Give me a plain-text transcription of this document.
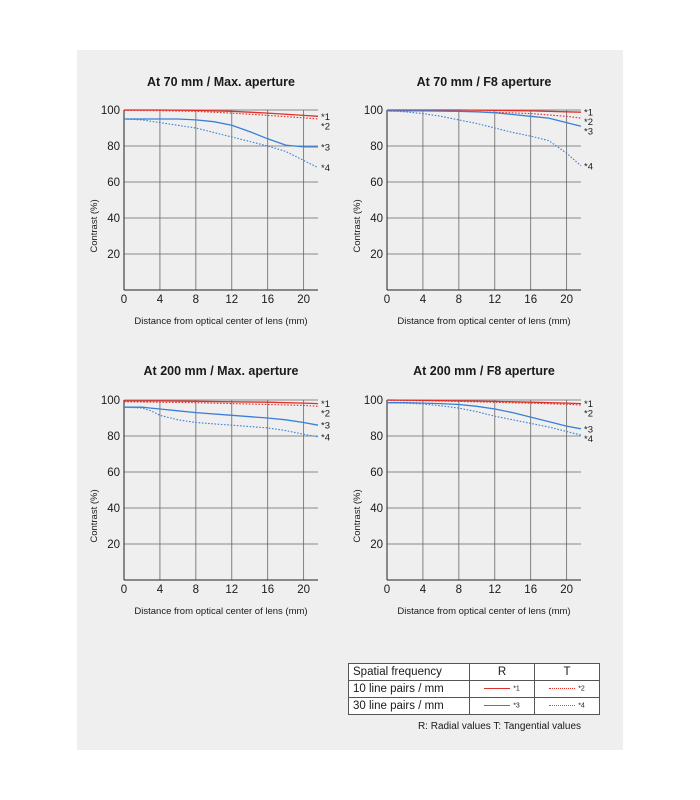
At 70 mm / Max. aperture
20
40
60
80
100
0	4	8 12 16 20
Distance from optical center of lens (mm)
Contrast (%)
*1
*2
*3
*4
At 70 mm / F8 aperture
20
40
60
80
100
0	4	8 12 16 20
Distance from optical center of lens (mm)
Contrast (%)
*1
*2
*3
*4
At 200 mm / Max. aperture
20
40
60
80
100
0	4	8 12 16 20
Distance from optical center of lens (mm)
Contrast (%)
*1
*2
*3
*4
At 200 mm / F8 aperture
20
40
60
80
100
0	4	8 12 16 20
Distance from optical center of lens (mm)
Contrast (%)
*1
*2
*3
*4
Spatial frequency	R	T
10 line pairs / mm	*1	*2
30 line pairs / mm	*3	*4
R: Radial values T: Tangential values
